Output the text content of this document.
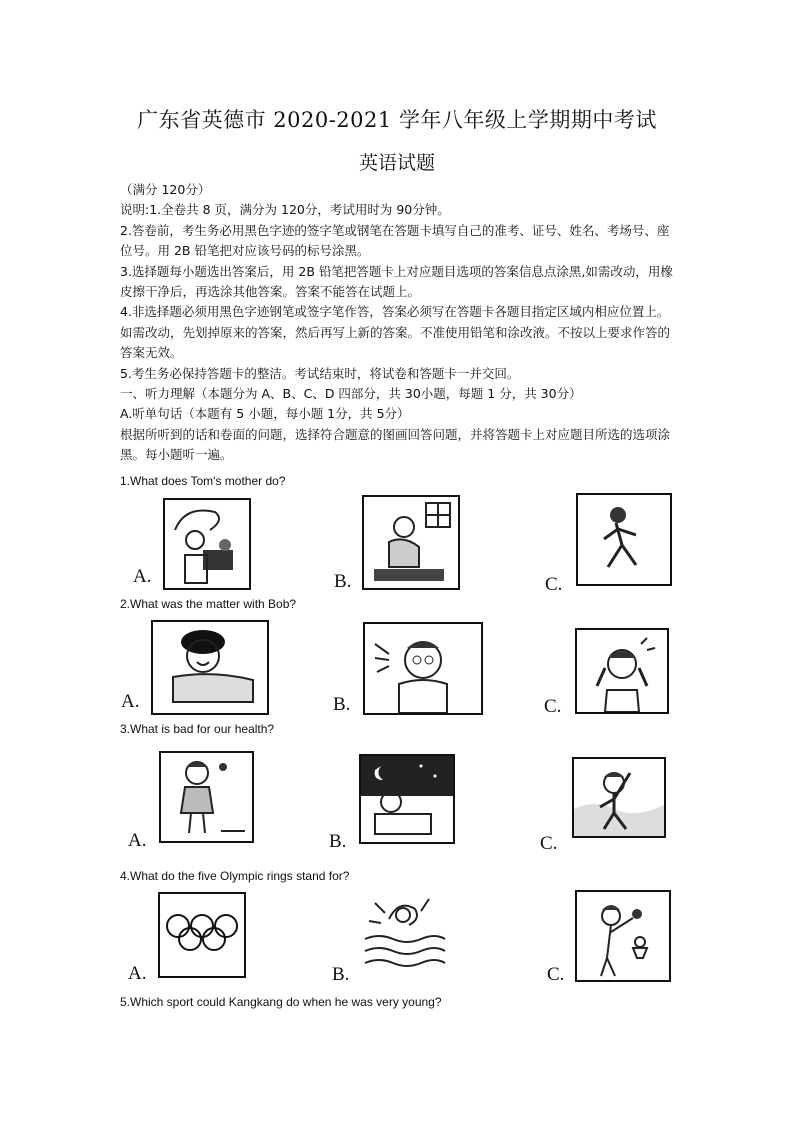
广东省英德市 2020-2021 学年八年级上学期期中考试
英语试题

（满分 120分）

说明:1.全卷共 8 页，满分为 120分，考试用时为 90分钟。

2.答卷前，考生务必用黑色字迹的签字笔或钢笔在答题卡填写自己的准考、证号、姓名、考场号、座位号。用 2B 铅笔把对应该号码的标号涂黑。

3.选择题每小题选出答案后，用 2B 铅笔把答题卡上对应题目选项的答案信息点涂黑,如需改动，用橡皮擦干净后，再选涂其他答案。答案不能答在试题上。

4.非选择题必须用黑色字迹钢笔或签字笔作答，答案必须写在答题卡各题目指定区域内相应位置上。如需改动，先划掉原来的答案，然后再写上新的答案。不准使用铅笔和涂改液。不按以上要求作答的答案无效。

5.考生务必保持答题卡的整洁。考试结束时，将试卷和答题卡一并交回。

一、听力理解（本题分为 A、B、C、D 四部分，共 30小题，每题 1 分，共 30分）

A.听单句话（本题有 5 小题，每小题 1分，共 5分）

根据所听到的话和卷面的问题，选择符合题意的图画回答问题，并将答题卡上对应题目所选的选项涂黑。每小题听一遍。

1.What does Tom's mother do?
A.	B.	C.
2.What was the matter with Bob?
A.	B.	C.
3.What is bad for our health?
A.	B.	C.
4.What do the five Olympic rings stand for?
A.	B.	C.
5.Which sport could Kangkang do when he was very young?
